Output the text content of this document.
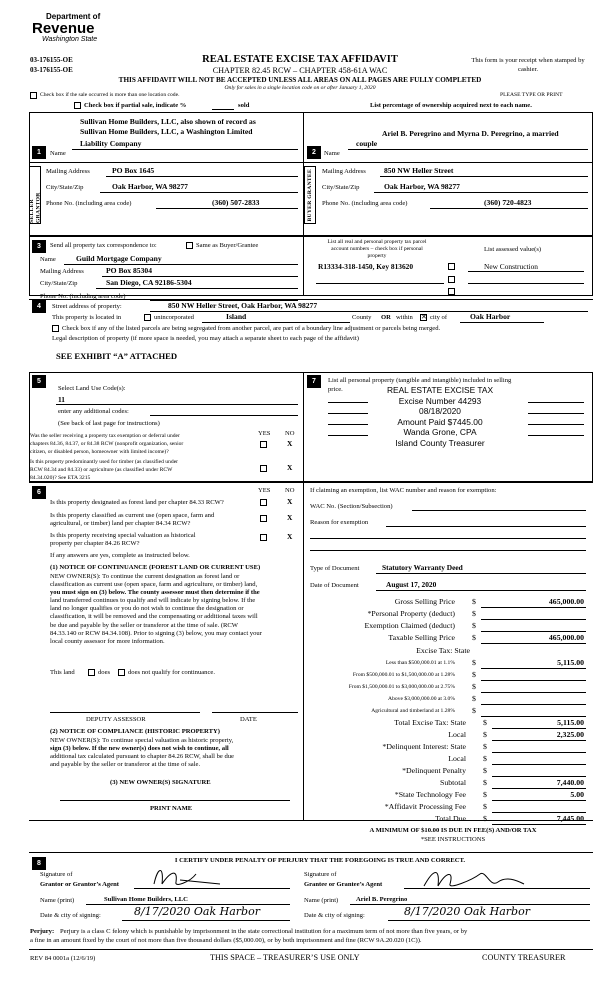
Department of
Revenue
Washington State
03-176155-OE
03-176155-OE
REAL ESTATE EXCISE TAX AFFIDAVIT
CHAPTER 82.45 RCW – CHAPTER 458-61A WAC
THIS AFFIDAVIT WILL NOT BE ACCEPTED UNLESS ALL AREAS ON ALL PAGES ARE FULLY COMPLETED
Only for sales in a single location code on or after January 1, 2020
This form is your receipt when stamped by cashier.
Check box if the sale occurred is more than one location code.	PLEASE TYPE OR PRINT
Check box if partial sale, indicate %	sold	List percentage of ownership acquired next to each name.
1
Sullivan Home Builders, LLC, also shown of record as
Sullivan Home Builders, LLC, a Washington Limited
Name
Liability Company
SELLER GRANTOR
Mailing Address	PO Box 1645
City/State/Zip	Oak Harbor, WA 98277
Phone No. (including area code)	(360) 507-2833
2
Ariel B. Peregrino and Myrna D. Peregrino, a married
Name
couple
BUYER GRANTEE Mailing Address 850 NW Heller Street
City/State/Zip	Oak Harbor, WA 98277
Phone No. (including area code)	(360) 720-4823
3	Send all property tax correspondence to:	Same as Buyer/Grantee
Name	Guild Mortgage Company
Mailing Address	PO Box 85304
City/State/Zip	San Diego, CA 92186-5304
Phone No. (including area code)
List all real and personal property tax parcel
account numbers – check box if personal
property
List assessed value(s)
R13334-318-1450, Key 813620	New Construction
4	Street address of property:	850 NW Heller Street, Oak Harbor, WA 98277
This property is located in	unincorporated	Island	County OR within
✕	city of	Oak Harbor
Check box if any of the listed parcels are being segregated from another parcel, are part of a boundary line adjustment or parcels being merged.
Legal description of property (if more space is needed, you may attach a separate sheet to each page of the affidavit)
SEE EXHIBIT “A” ATTACHED
5
Select Land Use Code(s):
11
enter any additional codes:
(See back of last page for instructions)
YES NO
Was the seller receiving a property tax exemption or deferral under
chapters 84.36, 84.37, or 84.38 RCW (nonprofit organization, senior
citizen, or disabled person, homeowner with limited income)?
X
Is this property predominantly used for timber (as classified under
RCW 84.34 and 84.33) or agriculture (as classified under RCW
84.34.020)? See ETA 3215
X
7	List all personal property (tangible and intangible) included in selling
price.	REAL ESTATE EXCISE TAX
Excise Number 44293
08/18/2020
Amount Paid $7445.00
Wanda Grone, CPA
Island County Treasurer
6	YES NO
Is this property designated as forest land per chapter 84.33 RCW?	X
Is this property classified as current use (open space, farm and
agricultural, or timber) land per chapter 84.34 RCW?
X
Is this property receiving special valuation as historical
property per chapter 84.26 RCW?
X
If any answers are yes, complete as instructed below.
(1) NOTICE OF CONTINUANCE (FOREST LAND OR CURRENT USE)
NEW OWNER(S): To continue the current designation as forest land or
classification as current use (open space, farm and agriculture, or timber) land,
you must sign on (3) below. The county assessor must then determine if the
land transferred continues to qualify and will indicate by signing below. If the
land no longer qualifies or you do not wish to continue the designation or
classification, it will be removed and the compensating or additional taxes will
be due and payable by the seller or transferor at the time of sale. (RCW
84.33.140 or RCW 84.34.108). Prior to signing (3) below, you may contact your
local county assessor for more information.
This land	does	does not qualify for continuance.
DEPUTY ASSESSOR	DATE
(2) NOTICE OF COMPLIANCE (HISTORIC PROPERTY)
NEW OWNER(S): To continue special valuation as historic property,
sign (3) below. If the new owner(s) does not wish to continue, all
additional tax calculated pursuant to chapter 84.26 RCW, shall be due
and payable by the seller or transferor at the time of sale.
(3) NEW OWNER(S) SIGNATURE
PRINT NAME
If claiming an exemption, list WAC number and reason for exemption:
WAC No. (Section/Subsection)
Reason for exemption
Type of Document	Statutory Warranty Deed
Date of Document	August 17, 2020
Gross Selling Price $	465,000.00
*Personal Property (deduct) $
Exemption Claimed (deduct) $
Taxable Selling Price $	465,000.00
Excise Tax: State
Less than $500,000.01 at 1.1% $	5,115.00
From $500,000.01 to $1,500,000.00 at 1.28% $
From $1,500,000.01 to $3,000,000.00 at 2.75% $
Above $3,000,000.00 at 3.0% $
Agricultural and timberland at 1.28% $
Total Excise Tax: State $	5,115.00
Local $	2,325.00
*Delinquent Interest: State $
Local $
*Delinquent Penalty $
Subtotal $	7,440.00
*State Technology Fee $	5.00
*Affidavit Processing Fee $
Total Due $	7,445.00
A MINIMUM OF $10.00 IS DUE IN FEE(S) AND/OR TAX
*SEE INSTRUCTIONS
8	I CERTIFY UNDER PENALTY OF PERJURY THAT THE FOREGOING IS TRUE AND CORRECT.
Signature of
Grantor or Grantor’s Agent
Name (print)	Sullivan Home Builders, LLC
Date & city of signing:	8/17/2020 Oak Harbor
Signature of
Grantee or Grantee’s Agent
Name (print)	Ariel B. Peregrino
Date & city of signing:	8/17/2020 Oak Harbor
Perjury: Perjury is a class C felony which is punishable by imprisonment in the state correctional institution for a maximum term of not more than five years, or by
a fine in an amount fixed by the court of not more than five thousand dollars ($5,000.00), or by both imprisonment and fine (RCW 9A.20.020 (1C)).
REV 84 0001a (12/6/19)	THIS SPACE – TREASURER’S USE ONLY	COUNTY TREASURER
